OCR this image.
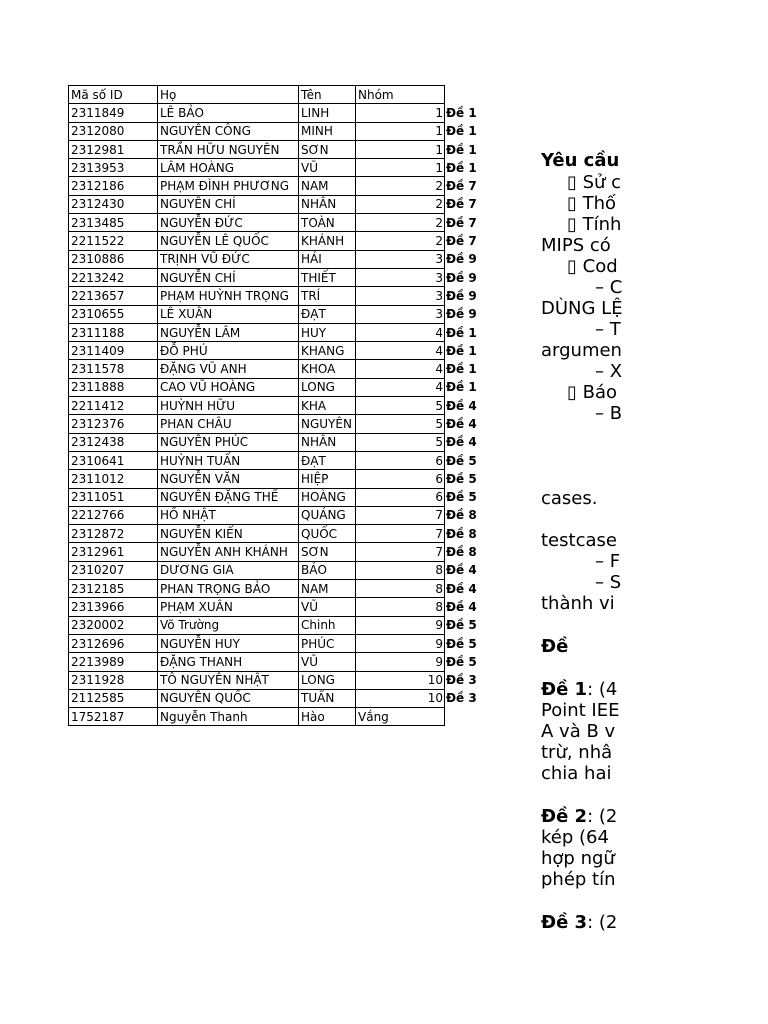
Mã số ID	Họ	Tên	Nhóm	
2311849	LÊ BẢO	LINH	1	Đề 1
2312080	NGUYỄN CÔNG	MINH	1	Đề 1
2312981	TRẦN HỮU NGUYÊN	SƠN	1	Đề 1
2313953	LÂM HOÀNG	VŨ	1	Đề 1
2312186	PHẠM ĐÌNH PHƯƠNG	NAM	2	Đề 7
2312430	NGUYỄN CHÍ	NHÂN	2	Đề 7
2313485	NGUYỄN ĐỨC	TOÀN	2	Đề 7
2211522	NGUYỄN LÊ QUỐC	KHÁNH	2	Đề 7
2310886	TRỊNH VŨ ĐỨC	HẢI	3	Đề 9
2213242	NGUYỄN CHÍ	THIẾT	3	Đề 9
2213657	PHẠM HUỲNH TRỌNG	TRÍ	3	Đề 9
2310655	LÊ XUÂN	ĐẠT	3	Đề 9
2311188	NGUYỄN LÂM	HUY	4	Đề 1
2311409	ĐỖ PHÚ	KHANG	4	Đề 1
2311578	ĐẶNG VŨ ANH	KHOA	4	Đề 1
2311888	CAO VŨ HOÀNG	LONG	4	Đề 1
2211412	HUỲNH HỮU	KHA	5	Đề 4
2312376	PHAN CHÂU	NGUYÊN	5	Đề 4
2312438	NGUYỄN PHÚC	NHÂN	5	Đề 4
2310641	HUỲNH TUẤN	ĐẠT	6	Đề 5
2311012	NGUYỄN VĂN	HIỆP	6	Đề 5
2311051	NGUYỄN ĐẶNG THẾ	HOÀNG	6	Đề 5
2212766	HỒ NHẬT	QUẢNG	7	Đề 8
2312872	NGUYỄN KIẾN	QUỐC	7	Đề 8
2312961	NGUYỄN ANH KHÁNH	SƠN	7	Đề 8
2310207	DƯƠNG GIA	BẢO	8	Đề 4
2312185	PHAN TRỌNG BẢO	NAM	8	Đề 4
2313966	PHẠM XUÂN	VŨ	8	Đề 4
2320002	Võ Trường	Chinh	9	Đề 5
2312696	NGUYỄN HUY	PHÚC	9	Đề 5
2213989	ĐẶNG THANH	VŨ	9	Đề 5
2311928	TÔ NGUYỄN NHẬT	LONG	10	Đề 3
2112585	NGUYỄN QUỐC	TUẤN	10	Đề 3
1752187	Nguyễn Thanh	Hào	Vắng	
Yêu cầu
▯ Sử c
▯ Thố
▯ Tính
MIPS có
▯ Cod
– C
DÙNG LỆ
– T
argumen
– X
▯ Báo
– B
cases.
testcase
– F
– S
thành vi
Đề
Đề 1: (4
Point IEE
A và B v
trừ, nhâ
chia hai
Đề 2: (2
kép (64
hợp ngữ
phép tín
Đề 3: (2
